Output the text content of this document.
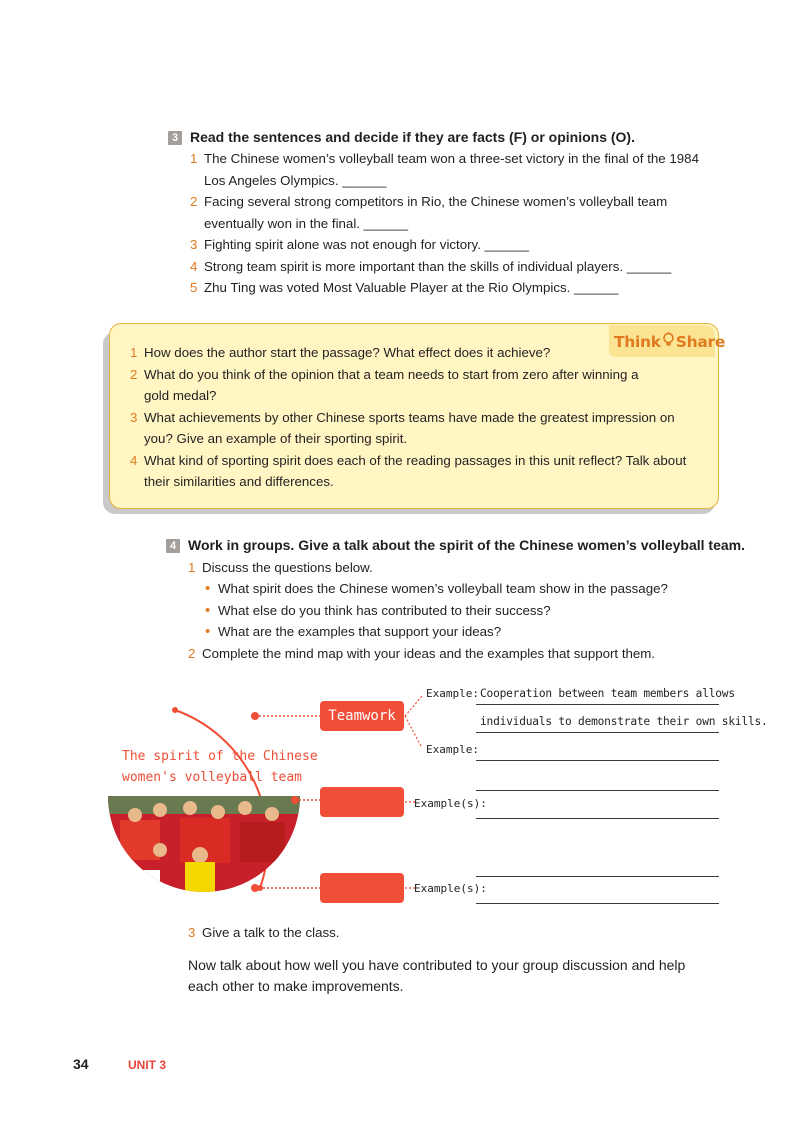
3 Read the sentences and decide if they are facts (F) or opinions (O).
1 The Chinese women’s volleyball team won a three-set victory in the final of the 1984
Los Angeles Olympics. ______
2 Facing several strong competitors in Rio, the Chinese women’s volleyball team
eventually won in the final. ______
3 Fighting spirit alone was not enough for victory. ______
4 Strong team spirit is more important than the skills of individual players. ______
5 Zhu Ting was voted Most Valuable Player at the Rio Olympics. ______
Think Share
1 How does the author start the passage? What effect does it achieve?
2 What do you think of the opinion that a team needs to start from zero after winning a
gold medal?
3 What achievements by other Chinese sports teams have made the greatest impression on
you? Give an example of their sporting spirit.
4 What kind of sporting spirit does each of the reading passages in this unit reflect? Talk about
their similarities and differences.
4 Work in groups. Give a talk about the spirit of the Chinese women’s volleyball team.
1 Discuss the questions below.
• What spirit does the Chinese women’s volleyball team show in the passage?
• What else do you think has contributed to their success?
• What are the examples that support your ideas?
2 Complete the mind map with your ideas and the examples that support them.
The spirit of the Chinese
women's volleyball team
Teamwork
Example:
Example:
Example(s):
Example(s):
Cooperation between team members allows
individuals to demonstrate their own skills.
3 Give a talk to the class.
Now talk about how well you have contributed to your group discussion and help
each other to make improvements.
34	UNIT 3
